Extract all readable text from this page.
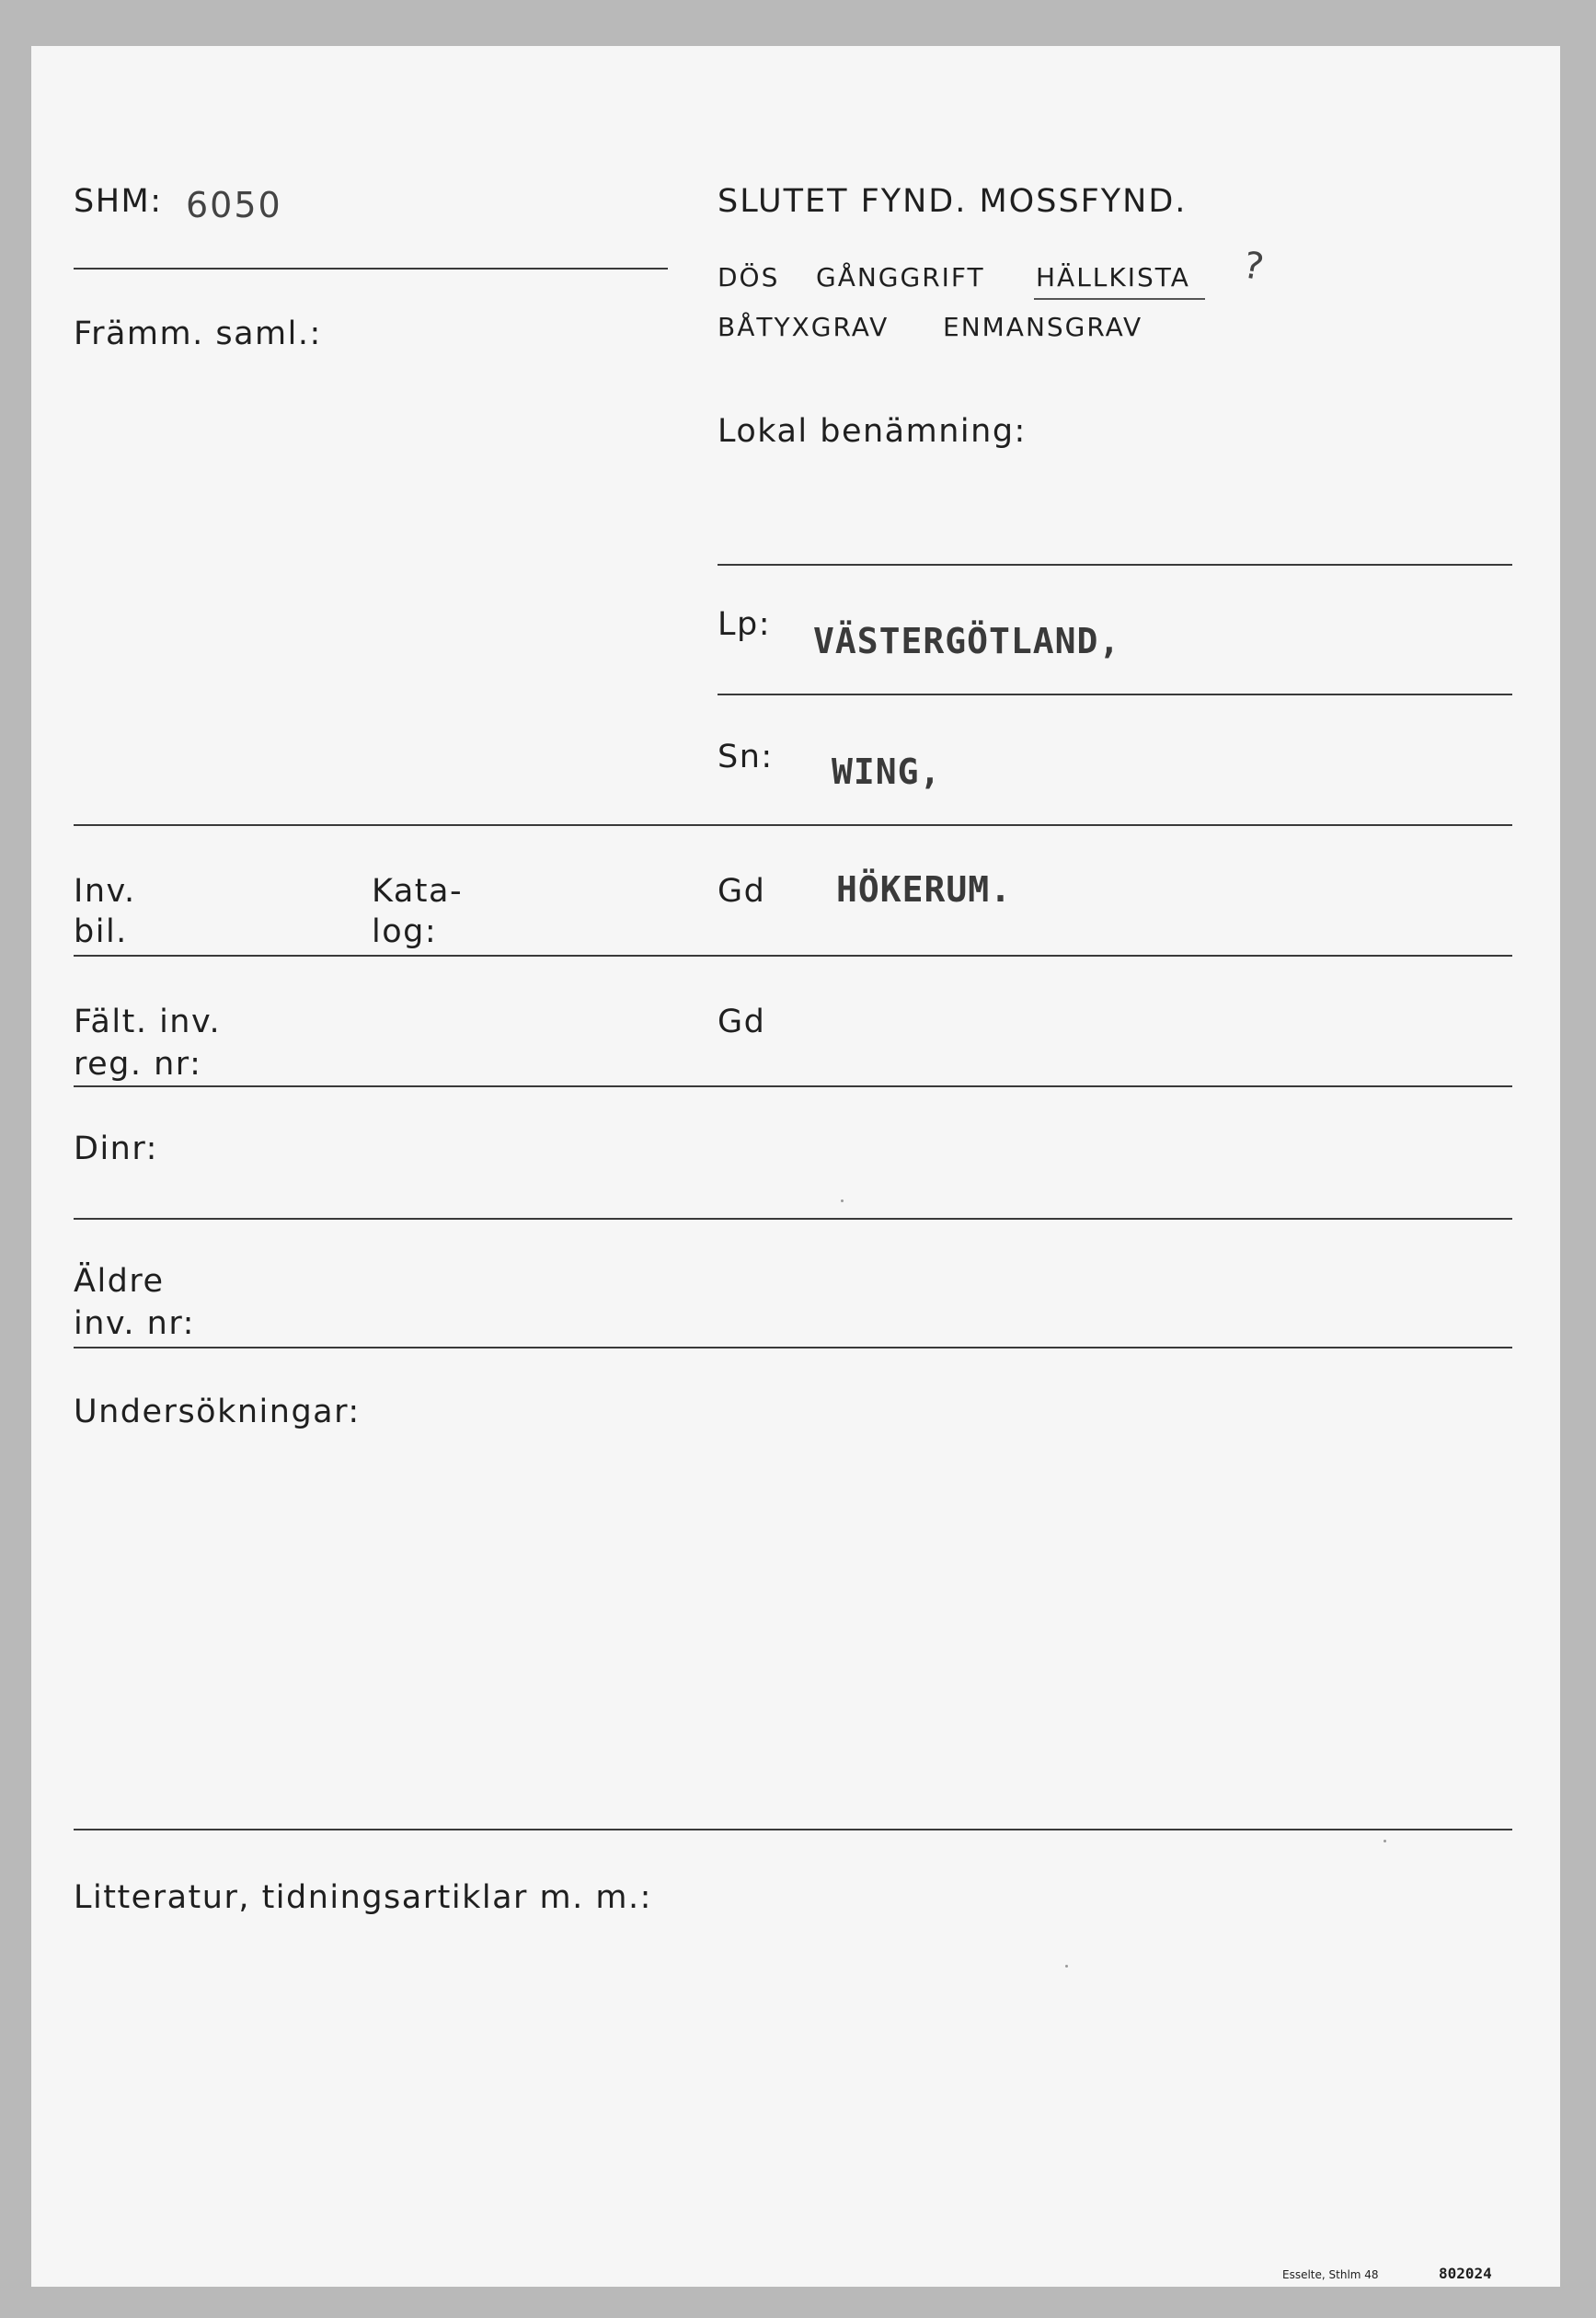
SHM: 6050
Främm. saml.:
SLUTET FYND. MOSSFYND.
DÖS GÅNGGRIFT HÄLLKISTA ?
BÅTYXGRAV ENMANSGRAV
Lokal benämning:
Lp: VÄSTERGÖTLAND,
Sn: WING,
Inv.
bil.
Kata-
log:
Gd HÖKERUM.
Fält. inv.
reg. nr:
Gd
Dinr:
Äldre
inv. nr:
Undersökningar:
Litteratur, tidningsartiklar m. m.:
Esselte, Sthlm 48	802024
